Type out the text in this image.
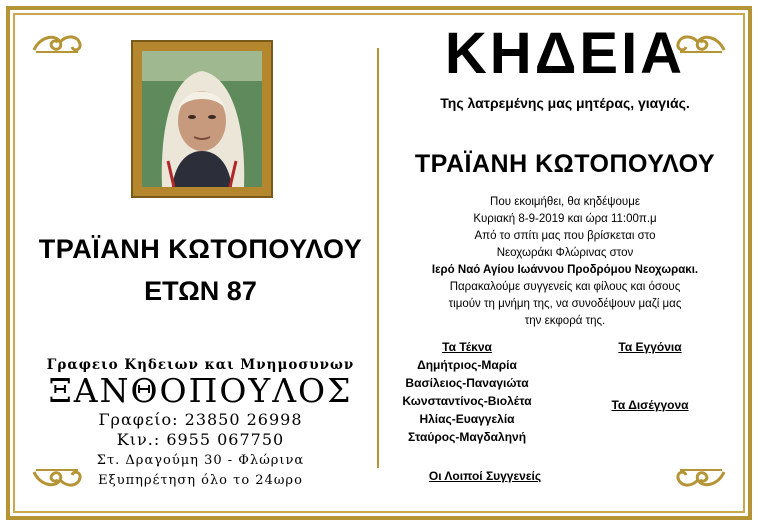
ΤΡΑΪΑΝΗ ΚΩΤΟΠΟΥΛΟΥ
ΕΤΩΝ 87
Γραφειο Κηδειων και Μνημοσυνων
ΞΑΝΘΟΠΟΥΛΟΣ
Γραφείο: 23850 26998
Κιν.: 6955 067750
Στ. Δραγούμη 30 - Φλώρινα
Εξυπηρέτηση όλο το 24ωρο
ΚΗΔΕΙΑ
Της λατρεμένης μας μητέρας, γιαγιάς.
ΤΡΑΪΑΝΗ ΚΩΤΟΠΟΥΛΟΥ
Που εκοιμήθει, θα κηδέψουμε
Κυριακή 8-9-2019 και ώρα 11:00π.μ
Από το σπίτι μας που βρίσκεται στο
Νεοχωράκι Φλώρινας στον
Ιερό Ναό Αγίου Ιωάννου Προδρόμου Νεοχωρακι.
Παρακαλούμε συγγενείς και φίλους και όσους
τιμούν τη μνήμη της, να συνοδέψουν μαζί μας
την εκφορά της.
Τα Τέκνα
Δημήτριος-Μαρία
Βασίλειος-Παναγιώτα
Κωνσταντίνος-Βιολέτα
Ηλίας-Ευαγγελία
Σταύρος-Μαγδαληνή
Τα Εγγόνια
Τα Δισέγγονα
Οι Λοιποί Συγγενείς
